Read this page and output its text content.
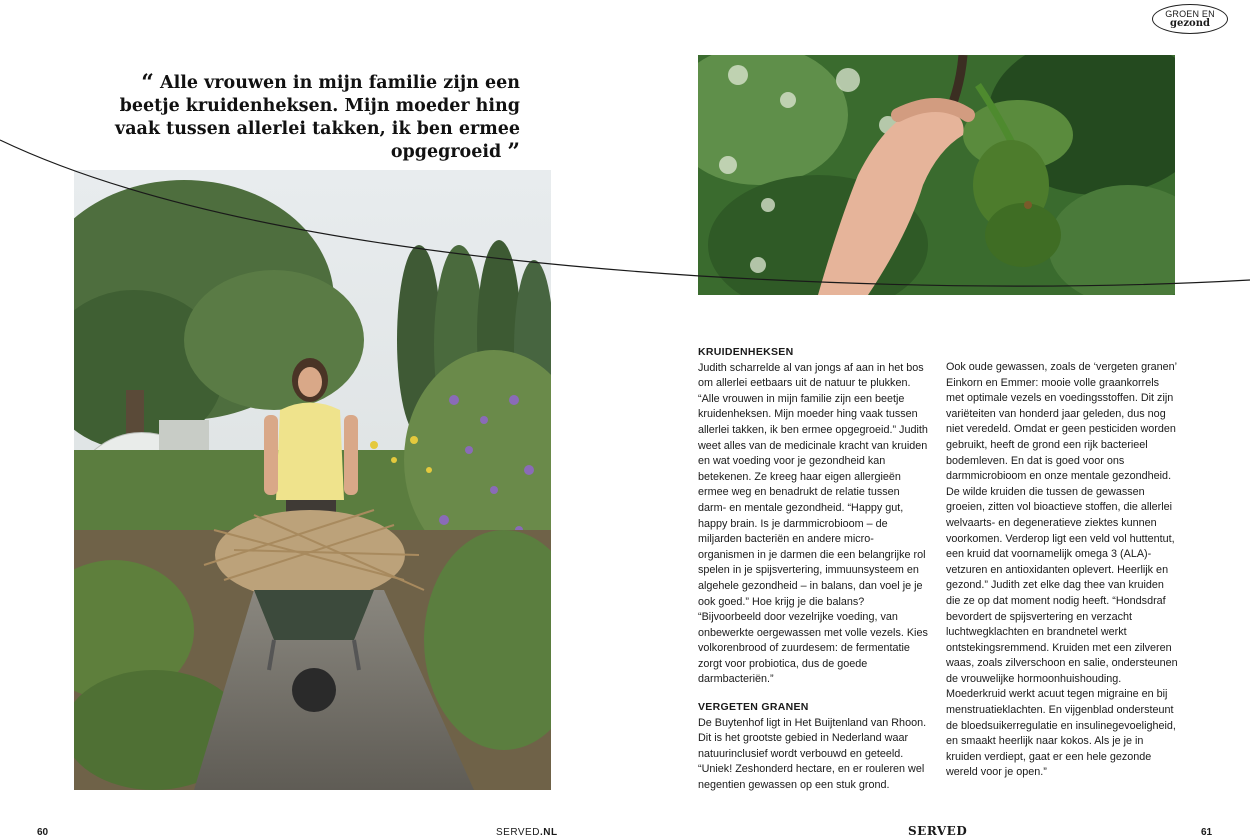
GROEN EN
gezond
“ Alle vrouwen in mijn familie zijn een beetje kruidenheksen. Mijn moeder hing vaak tussen allerlei takken, ik ben ermee opgegroeid ”
KRUIDENHEKSEN

Judith scharrelde al van jongs af aan in het bos om allerlei eetbaars uit de natuur te plukken. “Alle vrouwen in mijn familie zijn een beetje kruidenheksen. Mijn moeder hing vaak tussen allerlei takken, ik ben ermee opgegroeid.” Judith weet alles van de medicinale kracht van kruiden en wat voeding voor je gezondheid kan betekenen. Ze kreeg haar eigen allergieën ermee weg en benadrukt de relatie tussen darm- en mentale gezondheid. “Happy gut, happy brain. Is je darmmicrobioom – de miljarden bacteriën en andere micro-organismen in je darmen die een belangrijke rol spelen in je spijsvertering, immuunsysteem en algehele gezondheid – in balans, dan voel je je ook goed.” Hoe krijg je die balans? “Bijvoorbeeld door vezelrijke voeding, van onbewerkte oergewassen met volle vezels. Kies volkorenbrood of zuurdesem: de fermentatie zorgt voor probiotica, dus de goede darmbacteriën.”

VERGETEN GRANEN

De Buytenhof ligt in Het Buijtenland van Rhoon. Dit is het grootste gebied in Nederland waar natuurinclusief wordt verbouwd en geteeld. “Uniek! Zeshonderd hectare, en er rouleren wel negentien gewassen op een stuk grond.

Ook oude gewassen, zoals de ‘vergeten granen’ Einkorn en Emmer: mooie volle graankorrels met optimale vezels en voedingsstoffen. Dit zijn variëteiten van honderd jaar geleden, dus nog niet veredeld. Omdat er geen pesticiden worden gebruikt, heeft de grond een rijk bacterieel bodemleven. En dat is goed voor ons darmmicrobioom en onze mentale gezondheid. De wilde kruiden die tussen de gewassen groeien, zitten vol bioactieve stoffen, die allerlei welvaarts- en degeneratieve ziektes kunnen voorkomen. Verderop ligt een veld vol huttentut, een kruid dat voornamelijk omega 3 (ALA)-vetzuren en antioxidanten oplevert. Heerlijk en gezond.” Judith zet elke dag thee van kruiden die ze op dat moment nodig heeft. “Hondsdraf bevordert de spijsvertering en verzacht luchtwegklachten en brandnetel werkt ontstekingsremmend. Kruiden met een zilveren waas, zoals zilverschoon en salie, ondersteunen de vrouwelijke hormoonhuishouding. Moederkruid werkt acuut tegen migraine en bij menstruatieklachten. En vijgenblad ondersteunt de bloedsuikerregulatie en insulinegevoeligheid, en smaakt heerlijk naar kokos. Als je je in kruiden verdiept, gaat er een hele gezonde wereld voor je open.”

60	SERVED.NL	SERVED	61
